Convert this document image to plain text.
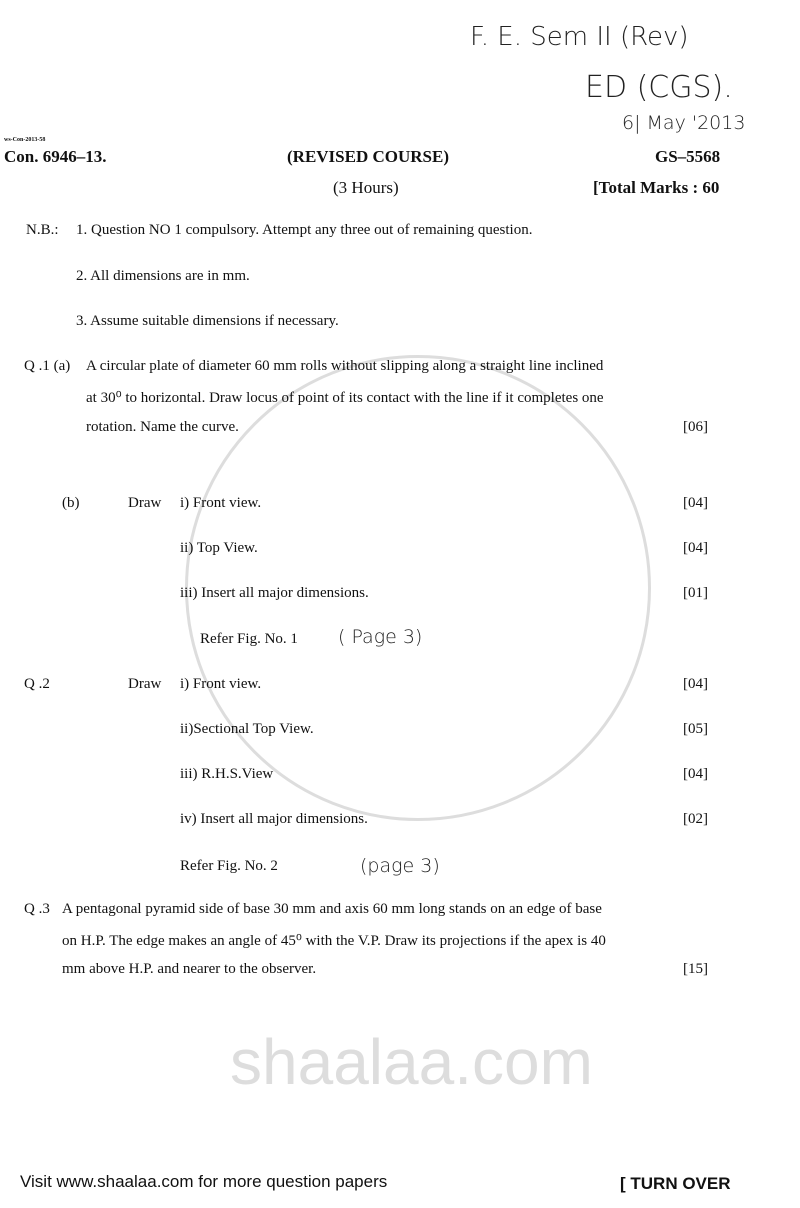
shaalaa.com
F. E. Sem II (Rev)
ED (CGS).
6| May '2013
ws-Con-2013-58
Con. 6946–13.	(REVISED COURSE)	GS–5568
(3 Hours)	[Total Marks : 60
N.B.: 1. Question NO 1 compulsory. Attempt any three out of remaining question.
2. All dimensions are in mm.
3. Assume suitable dimensions if necessary.
Q .1 (a) A circular plate of diameter 60 mm rolls without slipping along a straight line inclined
at 30⁰ to horizontal. Draw locus of point of its contact with the line if it completes one
rotation. Name the curve.	[06]
(b)	Draw i) Front view.	[04]
ii) Top View.	[04]
iii) Insert all major dimensions.	[01]
Refer Fig. No. 1 ( Page 3)
Q .2	Draw i) Front view.	[04]
ii)Sectional Top View.	[05]
iii) R.H.S.View	[04]
iv) Insert all major dimensions.	[02]
Refer Fig. No. 2	(page 3)
Q .3 A pentagonal pyramid side of base 30 mm and axis 60 mm long stands on an edge of base
on H.P. The edge makes an angle of 45⁰ with the V.P. Draw its projections if the apex is 40
mm above H.P. and nearer to the observer.	[15]
Visit www.shaalaa.com for more question papers	[ TURN OVER
